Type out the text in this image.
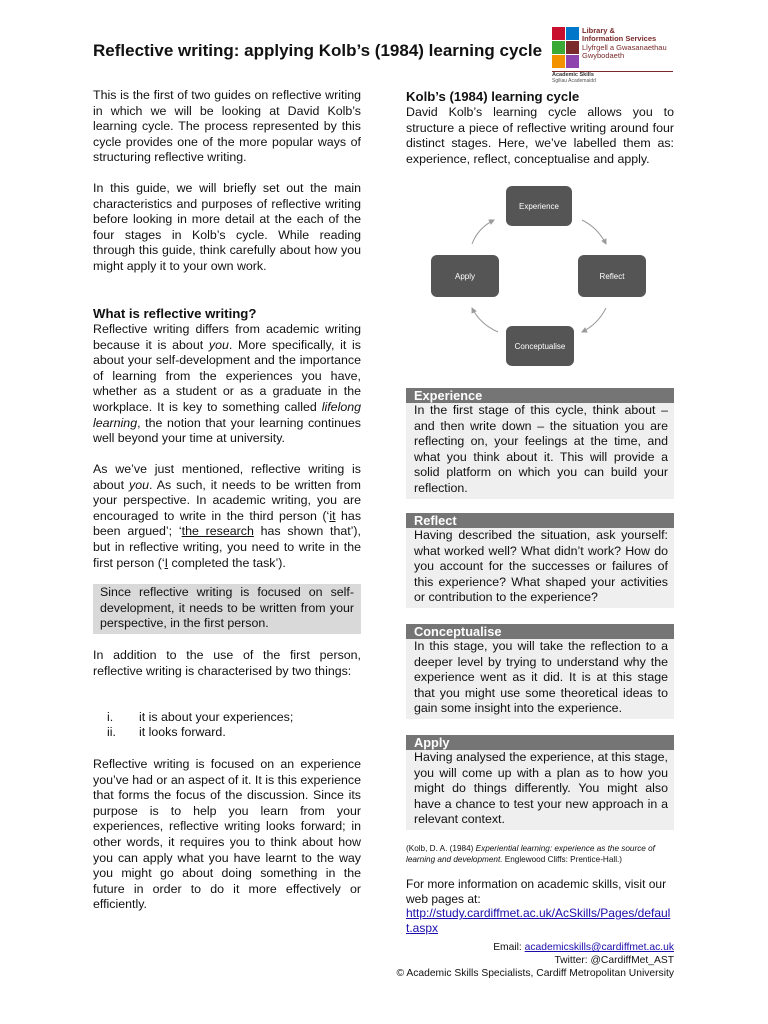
Reflective writing: applying Kolb’s (1984) learning cycle
Library &
Information Services
Llyfrgell a Gwasanaethau
Gwybodaeth
Academic Skills
Sgiliau Academaidd

This is the first of two guides on reflective writing in which we will be looking at David Kolb’s learning cycle. The process represented by this cycle provides one of the more popular ways of structuring reflective writing.

In this guide, we will briefly set out the main characteristics and purposes of reflective writing before looking in more detail at the each of the four stages in Kolb’s cycle. While reading through this guide, think carefully about how you might apply it to your own work.

What is reflective writing?

Reflective writing differs from academic writing because it is about you. More specifically, it is about your self-development and the importance of learning from the experiences you have, whether as a student or as a graduate in the workplace. It is key to something called lifelong learning, the notion that your learning continues well beyond your time at university.

As we’ve just mentioned, reflective writing is about you. As such, it needs to be written from your perspective. In academic writing, you are encouraged to write in the third person (‘it has been argued’; ‘the research has shown that’), but in reflective writing, you need to write in the first person (‘I completed the task’).

Since reflective writing is focused on self-development, it needs to be written from your perspective, in the first person.

In addition to the use of the first person, reflective writing is characterised by two things:

i. it is about your experiences;
ii. it looks forward.

Reflective writing is focused on an experience you’ve had or an aspect of it. It is this experience that forms the focus of the discussion. Since its purpose is to help you learn from your experiences, reflective writing looks forward; in other words, it requires you to think about how you can apply what you have learnt to the way you might go about doing something in the future in order to do it more effectively or efficiently.

Kolb’s (1984) learning cycle

David Kolb’s learning cycle allows you to structure a piece of reflective writing around four distinct stages. Here, we’ve labelled them as: experience, reflect, conceptualise and apply.

Experience
Reflect
Conceptualise
Apply
Experience
In the first stage of this cycle, think about – and then write down – the situation you are reflecting on, your feelings at the time, and what you think about it. This will provide a solid platform on which you can build your reflection.
Reflect
Having described the situation, ask yourself: what worked well? What didn’t work? How do you account for the successes or failures of this experience? What shaped your activities or contribution to the experience?
Conceptualise
In this stage, you will take the reflection to a deeper level by trying to understand why the experience went as it did. It is at this stage that you might use some theoretical ideas to gain some insight into the experience.
Apply
Having analysed the experience, at this stage, you will come up with a plan as to how you might do things differently. You might also have a chance to test your new approach in a relevant context.

(Kolb, D. A. (1984) Experiential learning: experience as the source of learning and development. Englewood Cliffs: Prentice-Hall.)

For more information on academic skills, visit our web pages at:
http://study.cardiffmet.ac.uk/AcSkills/Pages/default.aspx
Email: academicskills@cardiffmet.ac.uk
Twitter: @CardiffMet_AST
© Academic Skills Specialists, Cardiff Metropolitan University
